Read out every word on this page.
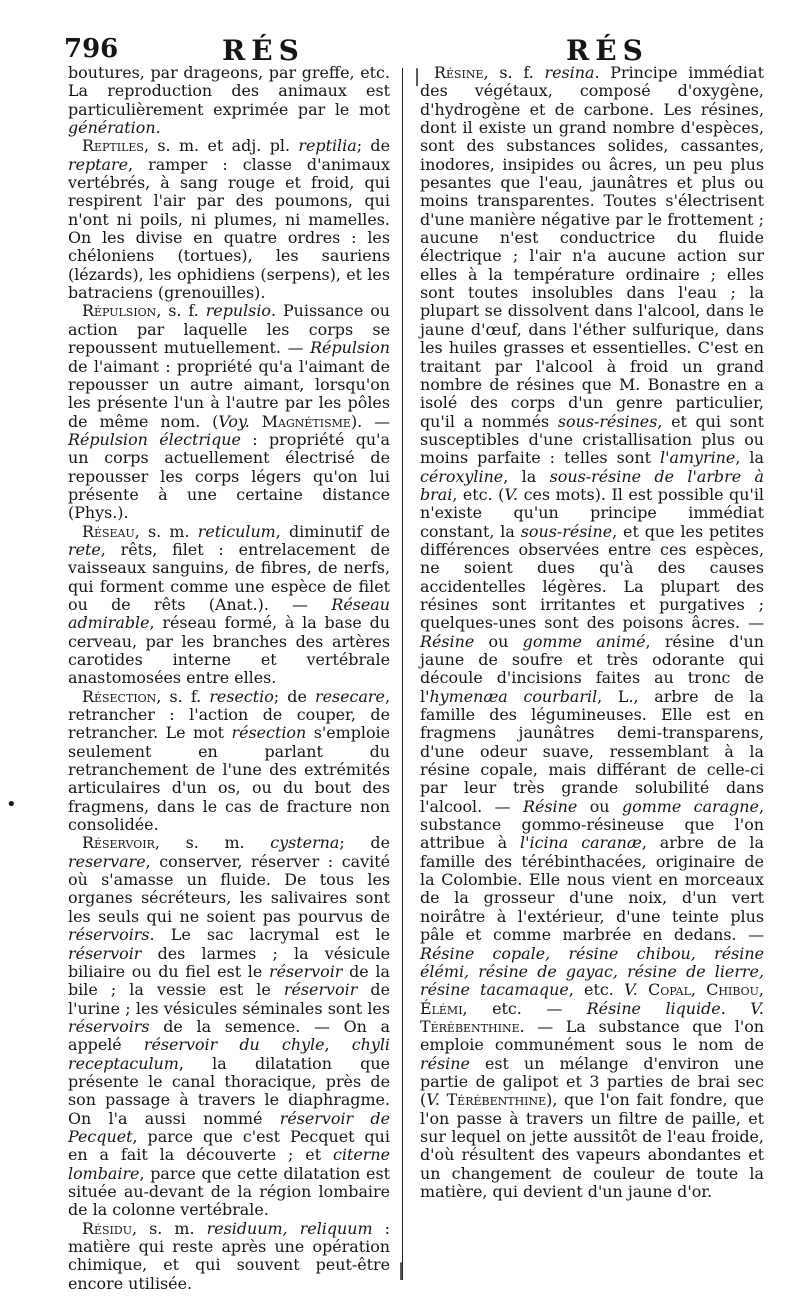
796	RÉS	RÉS

boutures, par drageons, par greffe, etc. La reproduction des animaux est particulièrement exprimée par le mot génération.

Reptiles, s. m. et adj. pl. reptilia; de reptare, ramper : classe d'animaux vertébrés, à sang rouge et froid, qui respirent l'air par des poumons, qui n'ont ni poils, ni plumes, ni mamelles. On les divise en quatre ordres : les chéloniens (tortues), les sauriens (lézards), les ophidiens (serpens), et les batraciens (grenouilles).

Répulsion, s. f. repulsio. Puissance ou action par laquelle les corps se repoussent mutuellement. — Répulsion de l'aimant : propriété qu'a l'aimant de repousser un autre aimant, lorsqu'on les présente l'un à l'autre par les pôles de même nom. (Voy. Magnétisme). — Répulsion électrique : propriété qu'a un corps actuellement électrisé de repousser les corps légers qu'on lui présente à une certaine distance (Phys.).

Réseau, s. m. reticulum, diminutif de rete, rêts, filet : entrelacement de vaisseaux sanguins, de fibres, de nerfs, qui forment comme une espèce de filet ou de rêts (Anat.). — Réseau admirable, réseau formé, à la base du cerveau, par les branches des artères carotides interne et vertébrale anastomosées entre elles.

Résection, s. f. resectio; de resecare, retrancher : l'action de couper, de retrancher. Le mot résection s'emploie seulement en parlant du retranchement de l'une des extrémités articulaires d'un os, ou du bout des fragmens, dans le cas de fracture non consolidée.

Réservoir, s. m. cysterna; de reservare, conserver, réserver : cavité où s'amasse un fluide. De tous les organes sécréteurs, les salivaires sont les seuls qui ne soient pas pourvus de réservoirs. Le sac lacrymal est le réservoir des larmes ; la vésicule biliaire ou du fiel est le réservoir de la bile ; la vessie est le réservoir de l'urine ; les vésicules séminales sont les réservoirs de la semence. — On a appelé réservoir du chyle, chyli receptaculum, la dilatation que présente le canal thoracique, près de son passage à travers le diaphragme. On l'a aussi nommé réservoir de Pecquet, parce que c'est Pecquet qui en a fait la découverte ; et citerne lombaire, parce que cette dilatation est située au-devant de la région lombaire de la colonne vertébrale.

Résidu, s. m. residuum, reliquum : matière qui reste après une opération chimique, et qui souvent peut-être encore utilisée.

Résine, s. f. resina. Principe immédiat des végétaux, composé d'oxygène, d'hydrogène et de carbone. Les résines, dont il existe un grand nombre d'espèces, sont des substances solides, cassantes, inodores, insipides ou âcres, un peu plus pesantes que l'eau, jaunâtres et plus ou moins transparentes. Toutes s'électrisent d'une manière négative par le frottement ; aucune n'est conductrice du fluide électrique ; l'air n'a aucune action sur elles à la température ordinaire ; elles sont toutes insolubles dans l'eau ; la plupart se dissolvent dans l'alcool, dans le jaune d'œuf, dans l'éther sulfurique, dans les huiles grasses et essentielles. C'est en traitant par l'alcool à froid un grand nombre de résines que M. Bonastre en a isolé des corps d'un genre particulier, qu'il a nommés sous-résines, et qui sont susceptibles d'une cristallisation plus ou moins parfaite : telles sont l'amyrine, la céroxyline, la sous-résine de l'arbre à brai, etc. (V. ces mots). Il est possible qu'il n'existe qu'un principe immédiat constant, la sous-résine, et que les petites différences observées entre ces espèces, ne soient dues qu'à des causes accidentelles légères. La plupart des résines sont irritantes et purgatives ; quelques-unes sont des poisons âcres. — Résine ou gomme animé, résine d'un jaune de soufre et très odorante qui découle d'incisions faites au tronc de l'hymenæa courbaril, L., arbre de la famille des légumineuses. Elle est en fragmens jaunâtres demi-transparens, d'une odeur suave, ressemblant à la résine copale, mais différant de celle-ci par leur très grande solubilité dans l'alcool. — Résine ou gomme caragne, substance gommo-résineuse que l'on attribue à l'icina caranæ, arbre de la famille des térébinthacées, originaire de la Colombie. Elle nous vient en morceaux de la grosseur d'une noix, d'un vert noirâtre à l'extérieur, d'une teinte plus pâle et comme marbrée en dedans. — Résine copale, résine chibou, résine élémi, résine de gayac, résine de lierre, résine tacamaque, etc. V. Copal, Chibou, Élémi, etc. — Résine liquide. V. Térébenthine. — La substance que l'on emploie communément sous le nom de résine est un mélange d'environ une partie de galipot et 3 parties de brai sec (V. Térébenthine), que l'on fait fondre, que l'on passe à travers un filtre de paille, et sur lequel on jette aussitôt de l'eau froide, d'où résultent des vapeurs abondantes et un changement de couleur de toute la matière, qui devient d'un jaune d'or.

•
|
|
